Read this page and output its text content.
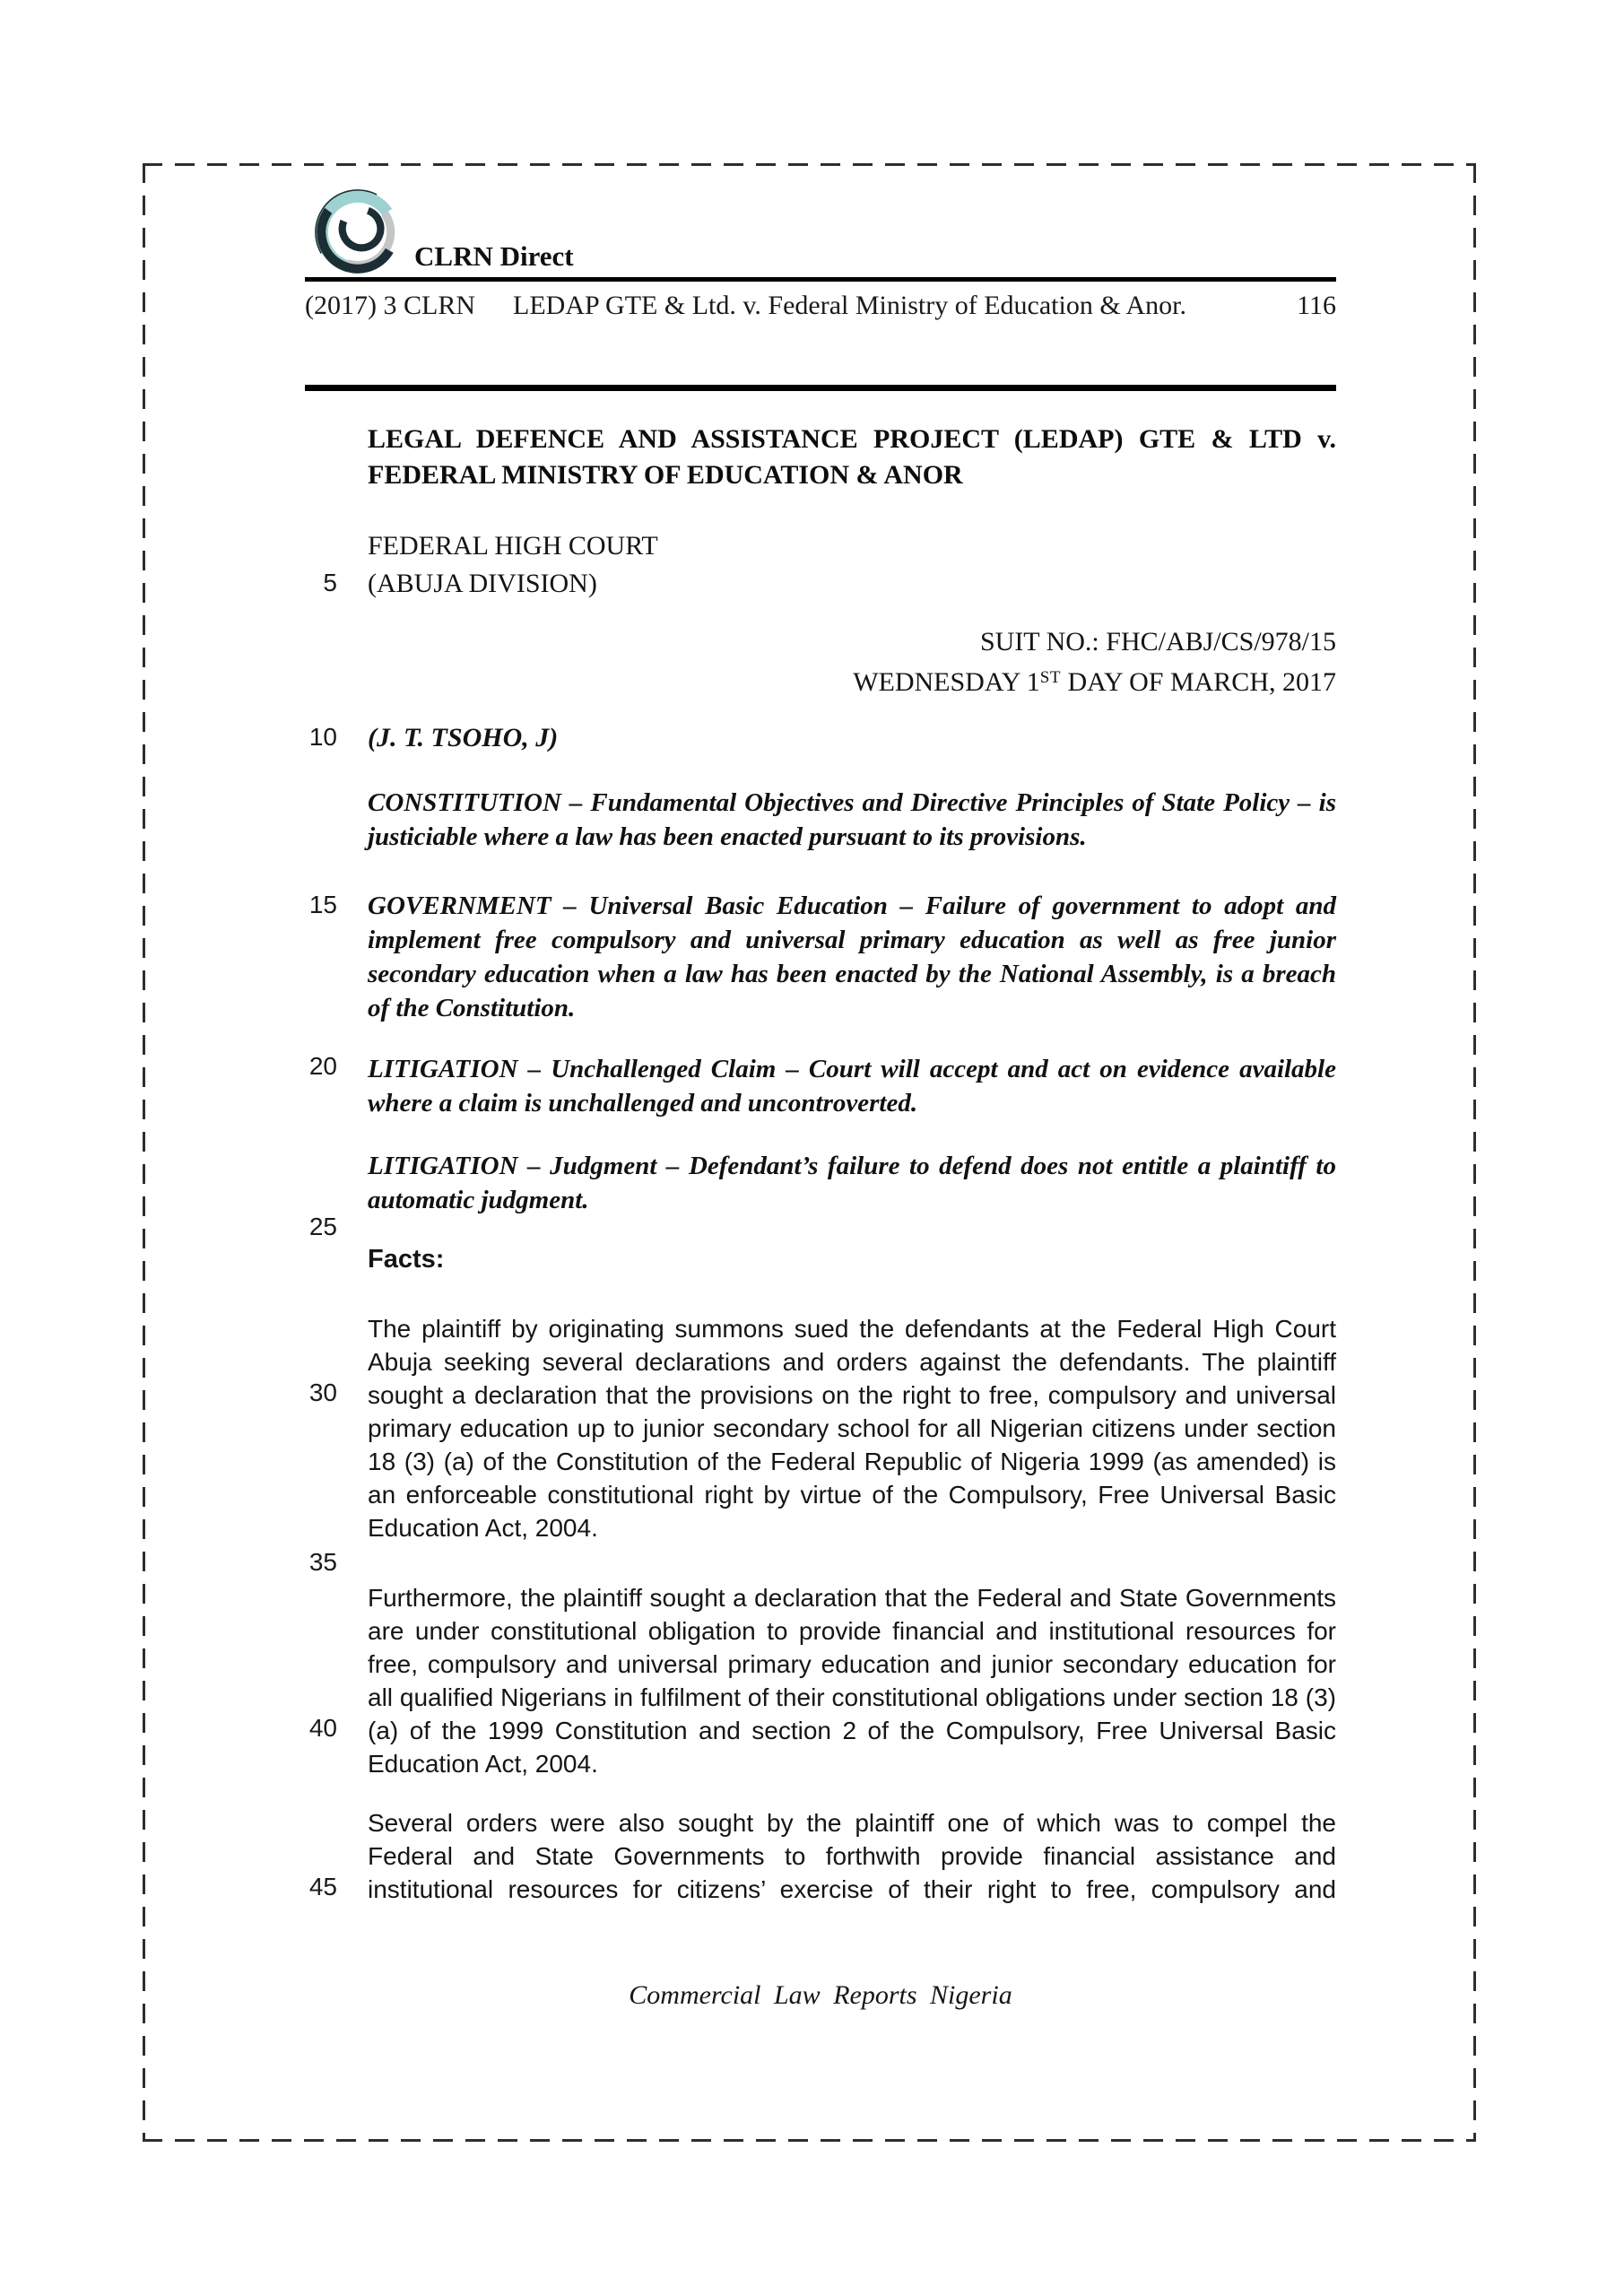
CLRN Direct
(2017) 3 CLRN LEDAP GTE & Ltd. v. Federal Ministry of Education & Anor.	116
LEGAL DEFENCE AND ASSISTANCE PROJECT (LEDAP) GTE & LTD v.
FEDERAL MINISTRY OF EDUCATION & ANOR
FEDERAL HIGH COURT
(ABUJA DIVISION)
SUIT NO.: FHC/ABJ/CS/978/15
WEDNESDAY 1ST DAY OF MARCH, 2017
(J. T. TSOHO, J)
CONSTITUTION – Fundamental Objectives and Directive Principles of State Policy – is justiciable where a law has been enacted pursuant to its provisions.
GOVERNMENT – Universal Basic Education – Failure of government to adopt and implement free compulsory and universal primary education as well as free junior secondary education when a law has been enacted by the National Assembly, is a breach of the Constitution.
LITIGATION – Unchallenged Claim – Court will accept and act on evidence available where a claim is unchallenged and uncontroverted.
LITIGATION – Judgment – Defendant’s failure to defend does not entitle a plaintiff to automatic judgment.
Facts:
The plaintiff by originating summons sued the defendants at the Federal High Court Abuja seeking several declarations and orders against the defendants. The plaintiff sought a declaration that the provisions on the right to free, compulsory and universal primary education up to junior secondary school for all Nigerian citizens under section 18 (3) (a) of the Constitution of the Federal Republic of Nigeria 1999 (as amended) is an enforceable constitutional right by virtue of the Compulsory, Free Universal Basic Education Act, 2004.
Furthermore, the plaintiff sought a declaration that the Federal and State Governments are under constitutional obligation to provide financial and institutional resources for free, compulsory and universal primary education and junior secondary education for all qualified Nigerians in fulfilment of their constitutional obligations under section 18 (3) (a) of the 1999 Constitution and section 2 of the Compulsory, Free Universal Basic Education Act, 2004.
Several orders were also sought by the plaintiff one of which was to compel the Federal and State Governments to forthwith provide financial assistance and institutional resources for citizens’ exercise of their right to free, compulsory and
5
10
15
20
25
30
35
40
45
Commercial Law Reports Nigeria
